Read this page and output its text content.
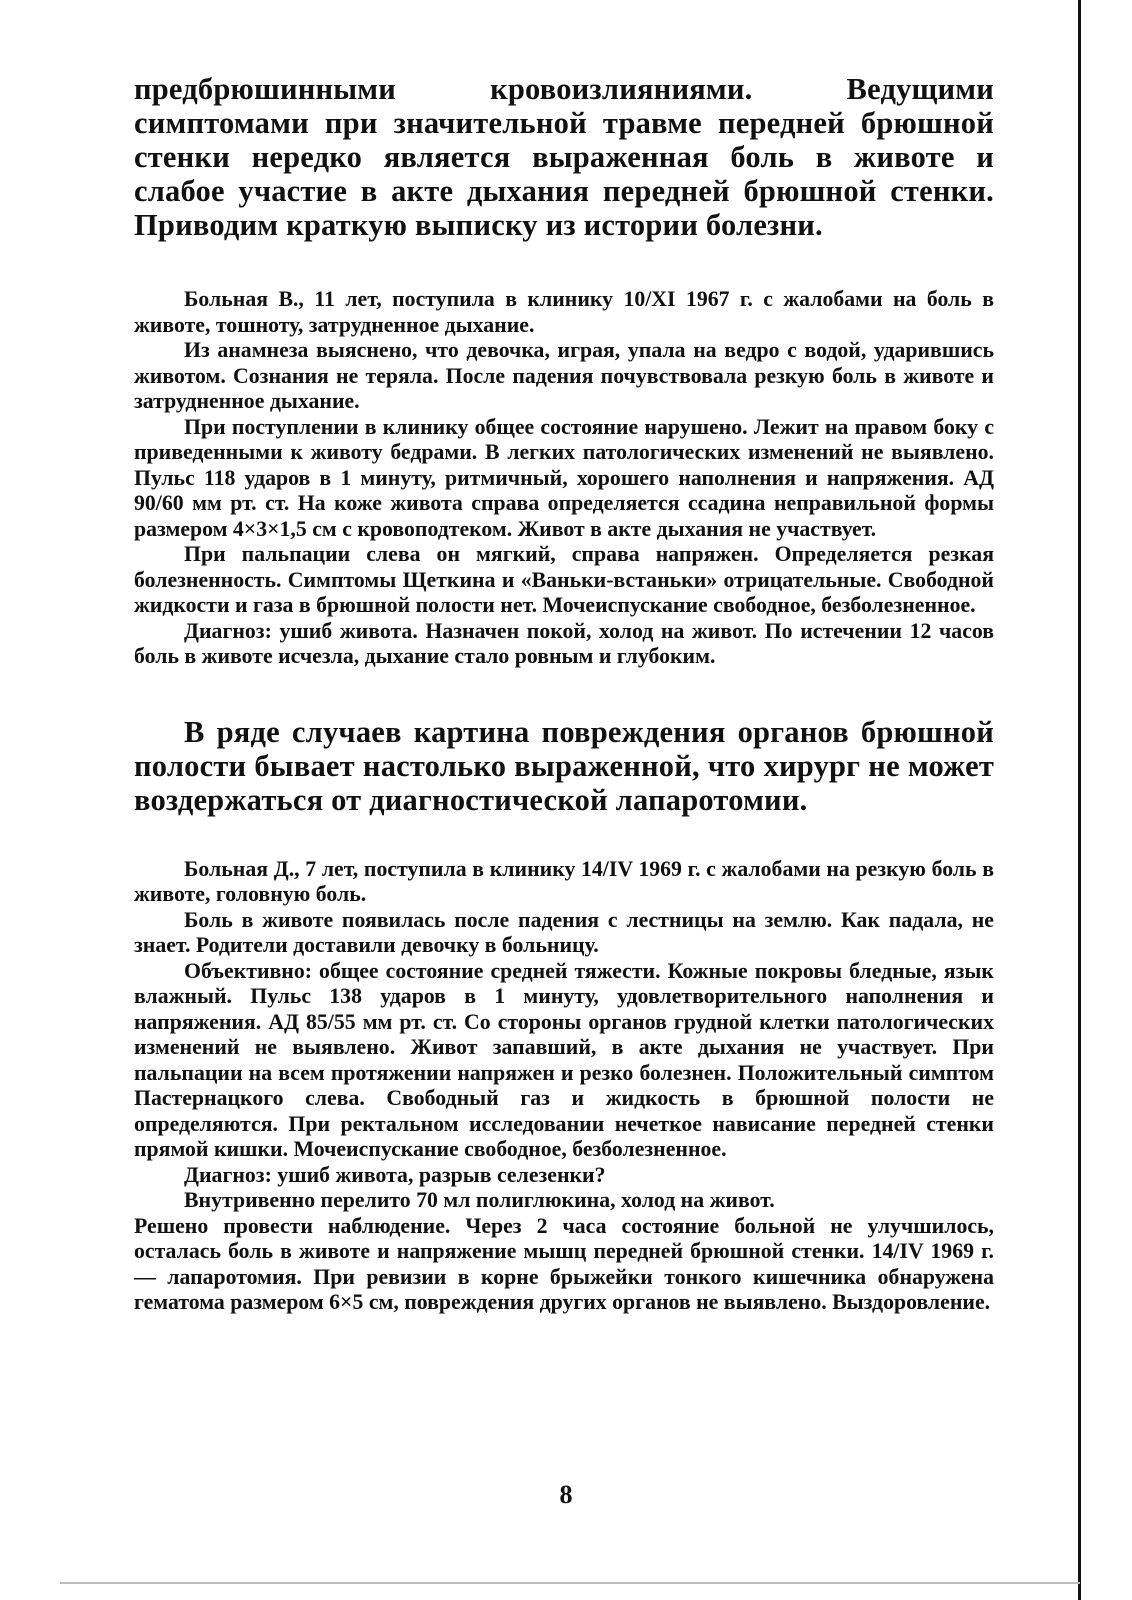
предбрюшинными кровоизлияниями. Ведущими симптомами при значительной травме передней брюшной стенки нередко является выраженная боль в животе и слабое участие в акте дыхания передней брюшной стенки. Приводим краткую выписку из истории болезни.

Больная В., 11 лет, поступила в клинику 10/XI 1967 г. с жалобами на боль в животе, тошноту, затрудненное дыхание.

Из анамнеза выяснено, что девочка, играя, упала на ведро с водой, ударившись животом. Сознания не теряла. После падения почувствовала резкую боль в животе и затрудненное дыхание.

При поступлении в клинику общее состояние нарушено. Лежит на правом боку с приведенными к животу бедрами. В легких патологических изменений не выявлено. Пульс 118 ударов в 1 минуту, ритмичный, хорошего наполнения и напряжения. АД 90/60 мм рт. ст. На коже живота справа определяется ссадина неправильной формы размером 4×3×1,5 см с кровоподтеком. Живот в акте дыхания не участвует.

При пальпации слева он мягкий, справа напряжен. Определяется резкая болезненность. Симптомы Щеткина и «Ваньки-встаньки» отрицательные. Свободной жидкости и газа в брюшной полости нет. Мочеиспускание свободное, безболезненное.

Диагноз: ушиб живота. Назначен покой, холод на живот. По истечении 12 часов боль в животе исчезла, дыхание стало ровным и глубоким.

В ряде случаев картина повреждения органов брюшной полости бывает настолько выраженной, что хирург не может воздержаться от диагностической лапаротомии.

Больная Д., 7 лет, поступила в клинику 14/IV 1969 г. с жалобами на резкую боль в животе, головную боль.

Боль в животе появилась после падения с лестницы на землю. Как падала, не знает. Родители доставили девочку в больницу.

Объективно: общее состояние средней тяжести. Кожные покровы бледные, язык влажный. Пульс 138 ударов в 1 минуту, удовлетворительного наполнения и напряжения. АД 85/55 мм рт. ст. Со стороны органов грудной клетки патологических изменений не выявлено. Живот запавший, в акте дыхания не участвует. При пальпации на всем протяжении напряжен и резко болезнен. Положительный симптом Пастернацкого слева. Свободный газ и жидкость в брюшной полости не определяются. При ректальном исследовании нечеткое нависание передней стенки прямой кишки. Мочеиспускание свободное, безболезненное.

Диагноз: ушиб живота, разрыв селезенки?

Внутривенно перелито 70 мл полиглюкина, холод на живот.

Решено провести наблюдение. Через 2 часа состояние больной не улучшилось, осталась боль в животе и напряжение мышц передней брюшной стенки. 14/IV 1969 г. — лапаротомия. При ревизии в корне брыжейки тонкого кишечника обнаружена гематома размером 6×5 см, повреждения других органов не выявлено. Выздоровление.

8
